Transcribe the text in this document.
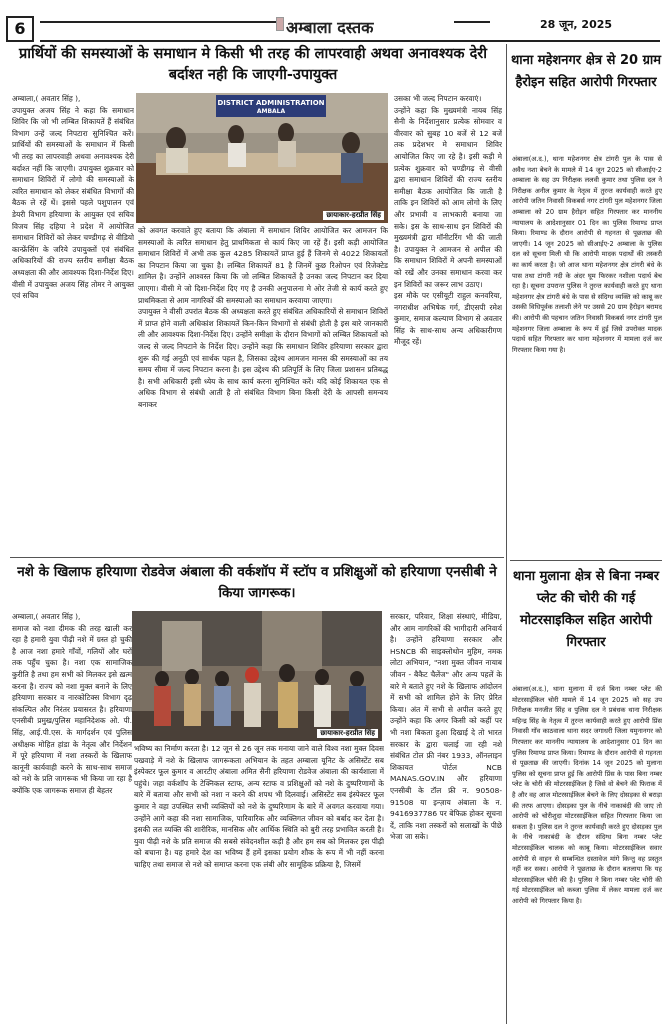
6	अम्बाला दस्तक	28 जून, 2025
प्रार्थियों की समस्याओं के समाधान मे किसी भी तरह की लापरवाही अथवा अनावश्यक देरी बर्दाश्त नही कि जाएगी-उपायुक्त
अम्बाला,( अवतार सिंह ),
उपायुक्त अजय सिंह ने कहा कि समाधान शिविर कि जो भी लम्बित शिकायतें हैं संबंधित विभाग उन्हें जल्द निपटारा सुनिश्चित करें। प्रार्थियों की समस्याओं के समाधान में किसी भी तरह का लापरवाही अथवा अनावश्यक देरी बर्दाश्त नहीं कि जाएगी। उपायुक्त शुक्रवार को समाधान शिविरों में लोगो की समस्याओं के त्वरित समाधान को लेकर संबंधित विभागों की बैठक ले रहें थें। इससे पहले पशुपालन एवं डेयरी विभाग हरियाणा के आयुक्त एवं सचिव विजय सिंह दहिया ने प्रदेश में आयोजित समाधान शिविरों को लेकर चण्डीगढ़ से वीडियो कान्फ्रेंसिंग के जरिये उपायुक्तों एवं संबंधित अधिकारियों की राज्य स्तरीय समीक्षा बैठक अध्यक्षता की और आवश्यक दिशा-निर्देश दिए।
वीसी में उपायुक्त अजय सिंह तोमर ने आयुक्त एवं सचिव
DISTRICT ADMINISTRATION
AMBALA
छायाकार-हरप्रीत सिंह
को अवगत करवाते हुए बताया कि अंबाला में समाधान शिविर आयोजित कर आमजन कि समस्याओं के त्वरित समाधान हेतु प्राथमिकता से कार्य किए जा रहें हैं। इसी कड़ी आयोजित समाधान शिविरों में अभी तक कुल 4285 शिकायतें प्राप्त हुई हैं जिनमे से 4022 शिकायतों का निपटान किया जा चुका है। लम्बित शिकायतें 81 है जिनमें कुछ रिओपन एवं रिजेक्टेड शामिल है। उन्होंने आश्वस्त किया कि जो लम्बित शिकायतें है उनका जल्द निपटान कर दिया जाएगा। वीसी मे जो दिशा-निर्देश दिए गए है उनकी अनुपालना मे ओर तेजी से कार्य करते हुए प्राथमिकता से आम नागरिकों की समस्याओ का समाधान करवाया जाएगा।
उपायुक्त ने वीसी उपरांत बैठक की अध्यक्षता करते हुए संबंधित अधिकारियों से समाधान शिविरों में प्राप्त होने वाली अधिकांश शिकायतें किन-किन विभागों से संबंधी होती है इस बारे जानकारी ली और आवश्यक दिशा-निर्देश दिए। उन्होंने समीक्षा के दौरान विभागों को लम्बित शिकायतों को जल्द से जल्द निपटाने के निर्देश दिए। उन्होंने कहा कि समाधान शिविर हरियाणा सरकार द्वारा शुरू की गई अनूठी एवं सार्थक पहल है, जिसका उद्देश्य आमजन मानस की समस्याओं का तय समय सीमा में जल्द निपटान करना है। इस उद्देश्य की प्रतिपूर्ति के लिए जिला प्रशासन प्रतिबद्ध है। सभी अधिकारी इसी ध्येय के साथ कार्य करना सुनिश्चित करें। यदि कोई शिकायत एक से अधिक विभाग से संबंधी आती है तो संबंधित विभाग बिना किसी देरी के आपसी समन्वय बनाकर
उसका भी जल्द निपटान करवाएं।
उन्होंने कहा कि मुख्यमंत्री नायब सिंह सैनी के निर्देशानुसार प्रत्येक सोमवार व वीरवार को सुबह 10 बजें से 12 बजें तक प्रदेशभर मे समाधान शिविर आयोजित किए जा रहे है। इसी कड़ी मे प्रत्येक शुक्रवार को चण्डीगढ़ से वीसी द्वारा समाधान शिविरों की राज्य स्तरीय समीक्षा बैठक आयोजित कि जाती है ताकि इन शिविरों को आम लोगो के लिए और प्रभावी व लाभकारी बनाया जा सके। इस के साथ-साथ इन शिविरों की मुख्यमंत्री द्वारा मॉनीटरिंग भी की जाती है। उपायुक्त ने आमजन से अपील की कि समाधान शिविरों मे अपनी समस्याओं को रखें और उनका समाधान करवा कर इन शिविरों का जरूर लाभ उठाए।
इस मौके पर एसीयूटी राहुल कनवरिया, नगराधीश अभिषेक गर्ग, डीएसपी रमेश कुमार, समाज कल्याण विभाग से अवतार सिंह के साथ-साथ अन्य अधिकारीगण मौजूद रहें।
नशे के खिलाफ हरियाणा रोडवेज अंबाला की वर्कशॉप में स्टॉप व प्रशिक्षुओं को हरियाणा एनसीबी ने किया जागरूक।
अम्बाला,( अवतार सिंह ),
समाज को नशा दीमक की तरह खाली कर रहा है हमारी युवा पीढ़ी नशे में ग्रस्त हो चुकी है आज नशा हमारे गाँवों, गलियों और घरों तक पहुँच चुका है। नशा एक सामाजिक कुरीति है तथा हम सभी को मिलकर इसे ख़त्म करना है। राज्य को नशा मुक्त बनाने के लिए हरियाणा सरकार व नारकोटिक्स विभाग दृढ़ संकल्पित और निरंतर प्रयासरत है। हरियाणा एनसीबी प्रमुख/पुलिस महानिदेशक ओ. पी. सिंह, आई.पी.एस. के मार्गदर्शन एवं पुलिस अधीक्षक मोहित हांडा के नेतृत्व और निर्देशन में पूरे हरियाणा में नशा तस्करों के खिलाफ कानूनी कार्यवाही करने के साथ-साथ समाज को नशे के प्रति जागरूक भी किया जा रहा है क्योंकि एक जागरूक समाज ही बेहतर
छायाकार-हरप्रीत सिंह
भविष्य का निर्माण करता है। 12 जून से 26 जून तक मनाया जाने वाले विश्व नशा मुक्त दिवस पखवाड़े में नशे के खिलाफ जागरूकता अभियान के तहत अम्बाला यूनिट के असिस्टेंट सब इंस्पेक्टर फूल कुमार व आरटीए अंबाला अमित सैनी हरियाणा रोडवेज अंबाला की कार्यशाला में पहुंचे। जहा वर्कशॉप के टेक्निकल स्टाफ, अन्य स्टाफ व प्रशिक्षुओं को नशे के दुष्परिणामों के बारे में बताया और सभी को नशा न करने की शपथ भी दिलवाई। असिस्टेंट सब इंस्पेक्टर फूल कुमार ने वहा उपस्थित सभी व्यक्तियों को नशे के दुष्परिणाम के बारे में अवगत करवाया गया। उन्होंने आगे कहा की नशा सामाजिक, पारिवारिक और व्यक्तिगत जीवन को बर्बाद कर देता है। इसकी लत व्यक्ति की शारीरिक, मानसिक और आर्थिक स्थिति को बुरी तरह प्रभावित करती है। युवा पीढ़ी नशे के प्रति समाज की सबसे संवेदनशील कड़ी है और हम सब को मिलकर इस पीढ़ी को बचाना है। यह हमारे देश का भविष्य हैं हमें इसका प्रयोग शौक के रूप में भी नहीं करना चाहिए तथा समाज से नशे को समाप्त करना एक लंबी और सामूहिक प्रक्रिया है, जिसमें
सरकार, परिवार, शिक्षा संस्थाएं, मीडिया, और आम नागरिकों की भागीदारी अनिवार्य है। उन्होंने हरियाणा सरकार और HSNCB की साइक्लोथोन मुहिम, नमक लोटा अभियान, "नशा मुक्त जीवन नायाब जीवन - बैकैट चैलेंज" और अन्य पहलें के बारे मे बताते हुए नशे के खिलाफ आंदोलन में सभी को शामिल होने के लिए प्रेरित किया। अंत में सभी से अपील करते हुए उन्होंने कहा कि अगर किसी को कहीं पर भी नशा बिकता हुआ दिखाई दे तो भारत सरकार के द्वारा चलाई जा रही नशे संबंधित टोल फ्री नंबर 1933, ऑनलाइन शिकायत पोर्टल NCB MANAS.GOV.IN और हरियाणा एनसीबी के टॉल फ्री न. 90508-91508 या इन्ज़ाय अंबाला के न. 9416937786 पर बेफिक्र होकर सूचना दें, ताकि नशा तस्करों को सलाखों के पीछे भेजा जा सके।
थाना महेशनगर क्षेत्र से 20 ग्राम हैरोइन सहित आरोपी गिरफ्तार
अंबाला(अ.द.), थाना महेशनगर क्षेत्र टांगरी पुल के पास से अवैध नशा बेचने के मामले में 14 जून 2025 को सीआईए-2 अम्बाला के सह उप निरीक्षक ललवी कुमार तथा पुलिस दल ने निरीक्षक अनील कुमार के नेतृत्व में तुरन्त कार्यवाही करते हुए आरोपी जतिन निवासी विकबर्स नगर टांगरी पुल महेशनगर जिला अम्बाला को 20 ग्राम हैरोइन सहित गिरफ्तार कर माननीय न्यायालय के आदेशानुसार 01 दिन का पुलिस रिमाण्ड प्राप्त किया। रिमाण्ड के दौरान आरोपी से गहनता से पूछताछ की जाएगी। 14 जून 2025 को सीआईए-2 अम्बाला के पुलिस दल को सूचना मिली थी कि आरोपी मादक पदार्थों की तस्करी का कार्य करता है। जो आज थाना महेशनगर क्षेत्र टांगरी बंधे के पास तथा टांगरी नदी के अंदर घूम फिरकर नशीला पदार्थ बेच रहा है। सूचना उपरान्त पुलिस ने तुरन्त कार्यवाही करते हुए थाना महेशनगर क्षेत्र टांगरी बंधे के पास से संदिग्ध व्यक्ति को काबू कर उसकी विधिपूर्वक तलाशी लेने पर उससे 20 ग्राम हैरोइन बरामद की। आरोपी की पहचान जतिन निवासी विकबर्स नगर टांगरी पुल महेशनगर जिला अम्बाला के रूप में हुई जिसे उपरोक्त मादक पदार्थ सहित गिरफ्तार कर थाना महेशनगर में मामला दर्ज कर गिरफ्तार किया गया है।
थाना मुलाना क्षेत्र से बिना नम्बर प्लेट की चोरी की गई मोटरसाइकिल सहित आरोपी गिरफ्तार
अंबाला(अ.द.), थाना मुलाना में दर्ज बिना नम्बर प्लेट की मोटरसाईकिल चोरी मामले में 14 जून 2025 को सह उप निरीक्षक मनजीत सिंह व पुलिस दल ने प्रबंधक थाना निरीक्षक महिन्द्र सिंह के नेतृत्व में तुरन्त कार्यवाही करते हुए आरोपी प्रिंस निवासी गाँव काठवाला थाना सदर जगाधरी जिला यमुनानगर को गिरफ्तार कर माननीय न्यायालय के आदेशानुसार 01 दिन का पुलिस रिमाण्ड प्राप्त किया। रिमाण्ड के दौरान आरोपी से गहनता से पूछताछ की जाएगी। दिनांक 14 जून 2025 को मुलाना पुलिस को सूचना प्राप्त हुई कि आरोपी प्रिंस के पास बिना नम्बर प्लेट के चोरी की मोटरसाईकिल है जिसे वो बेचने की फिराक में है और वह आज मोटरसाईकिल बेचने के लिए दोसड़का से बराड़ा की तरफ आएगा। दोसड़का पुल के नीचे नाकाबंदी की जाए तो आरोपी को चोरीशुदा मोटरसाईकिल सहित गिरफ्तार किया जा सकता है। पुलिस दल ने तुरन्त कार्यवाही करते हुए दोसड़का पुल के नीचे नाकाबंदी के दौरान संदिग्ध बिना नम्बर प्लेट मोटरसाईकिल चालक को काबू किया। मोटरसाईकिल सवार आरोपी से वाहन से सम्बन्धित दस्तावेज मांगे किन्तु वह प्रस्तुत नहीं कर सका। आरोपी ने पूछताछ के दौरान बतलाया कि यह मोटरसाईकिल चोरी की है। पुलिस ने बिना नम्बर प्लेट चोरी की गई मोटरसाईकिल को कब्जा पुलिस में लेकर मामला दर्ज कर आरोपी को गिरफ्तार किया है।
